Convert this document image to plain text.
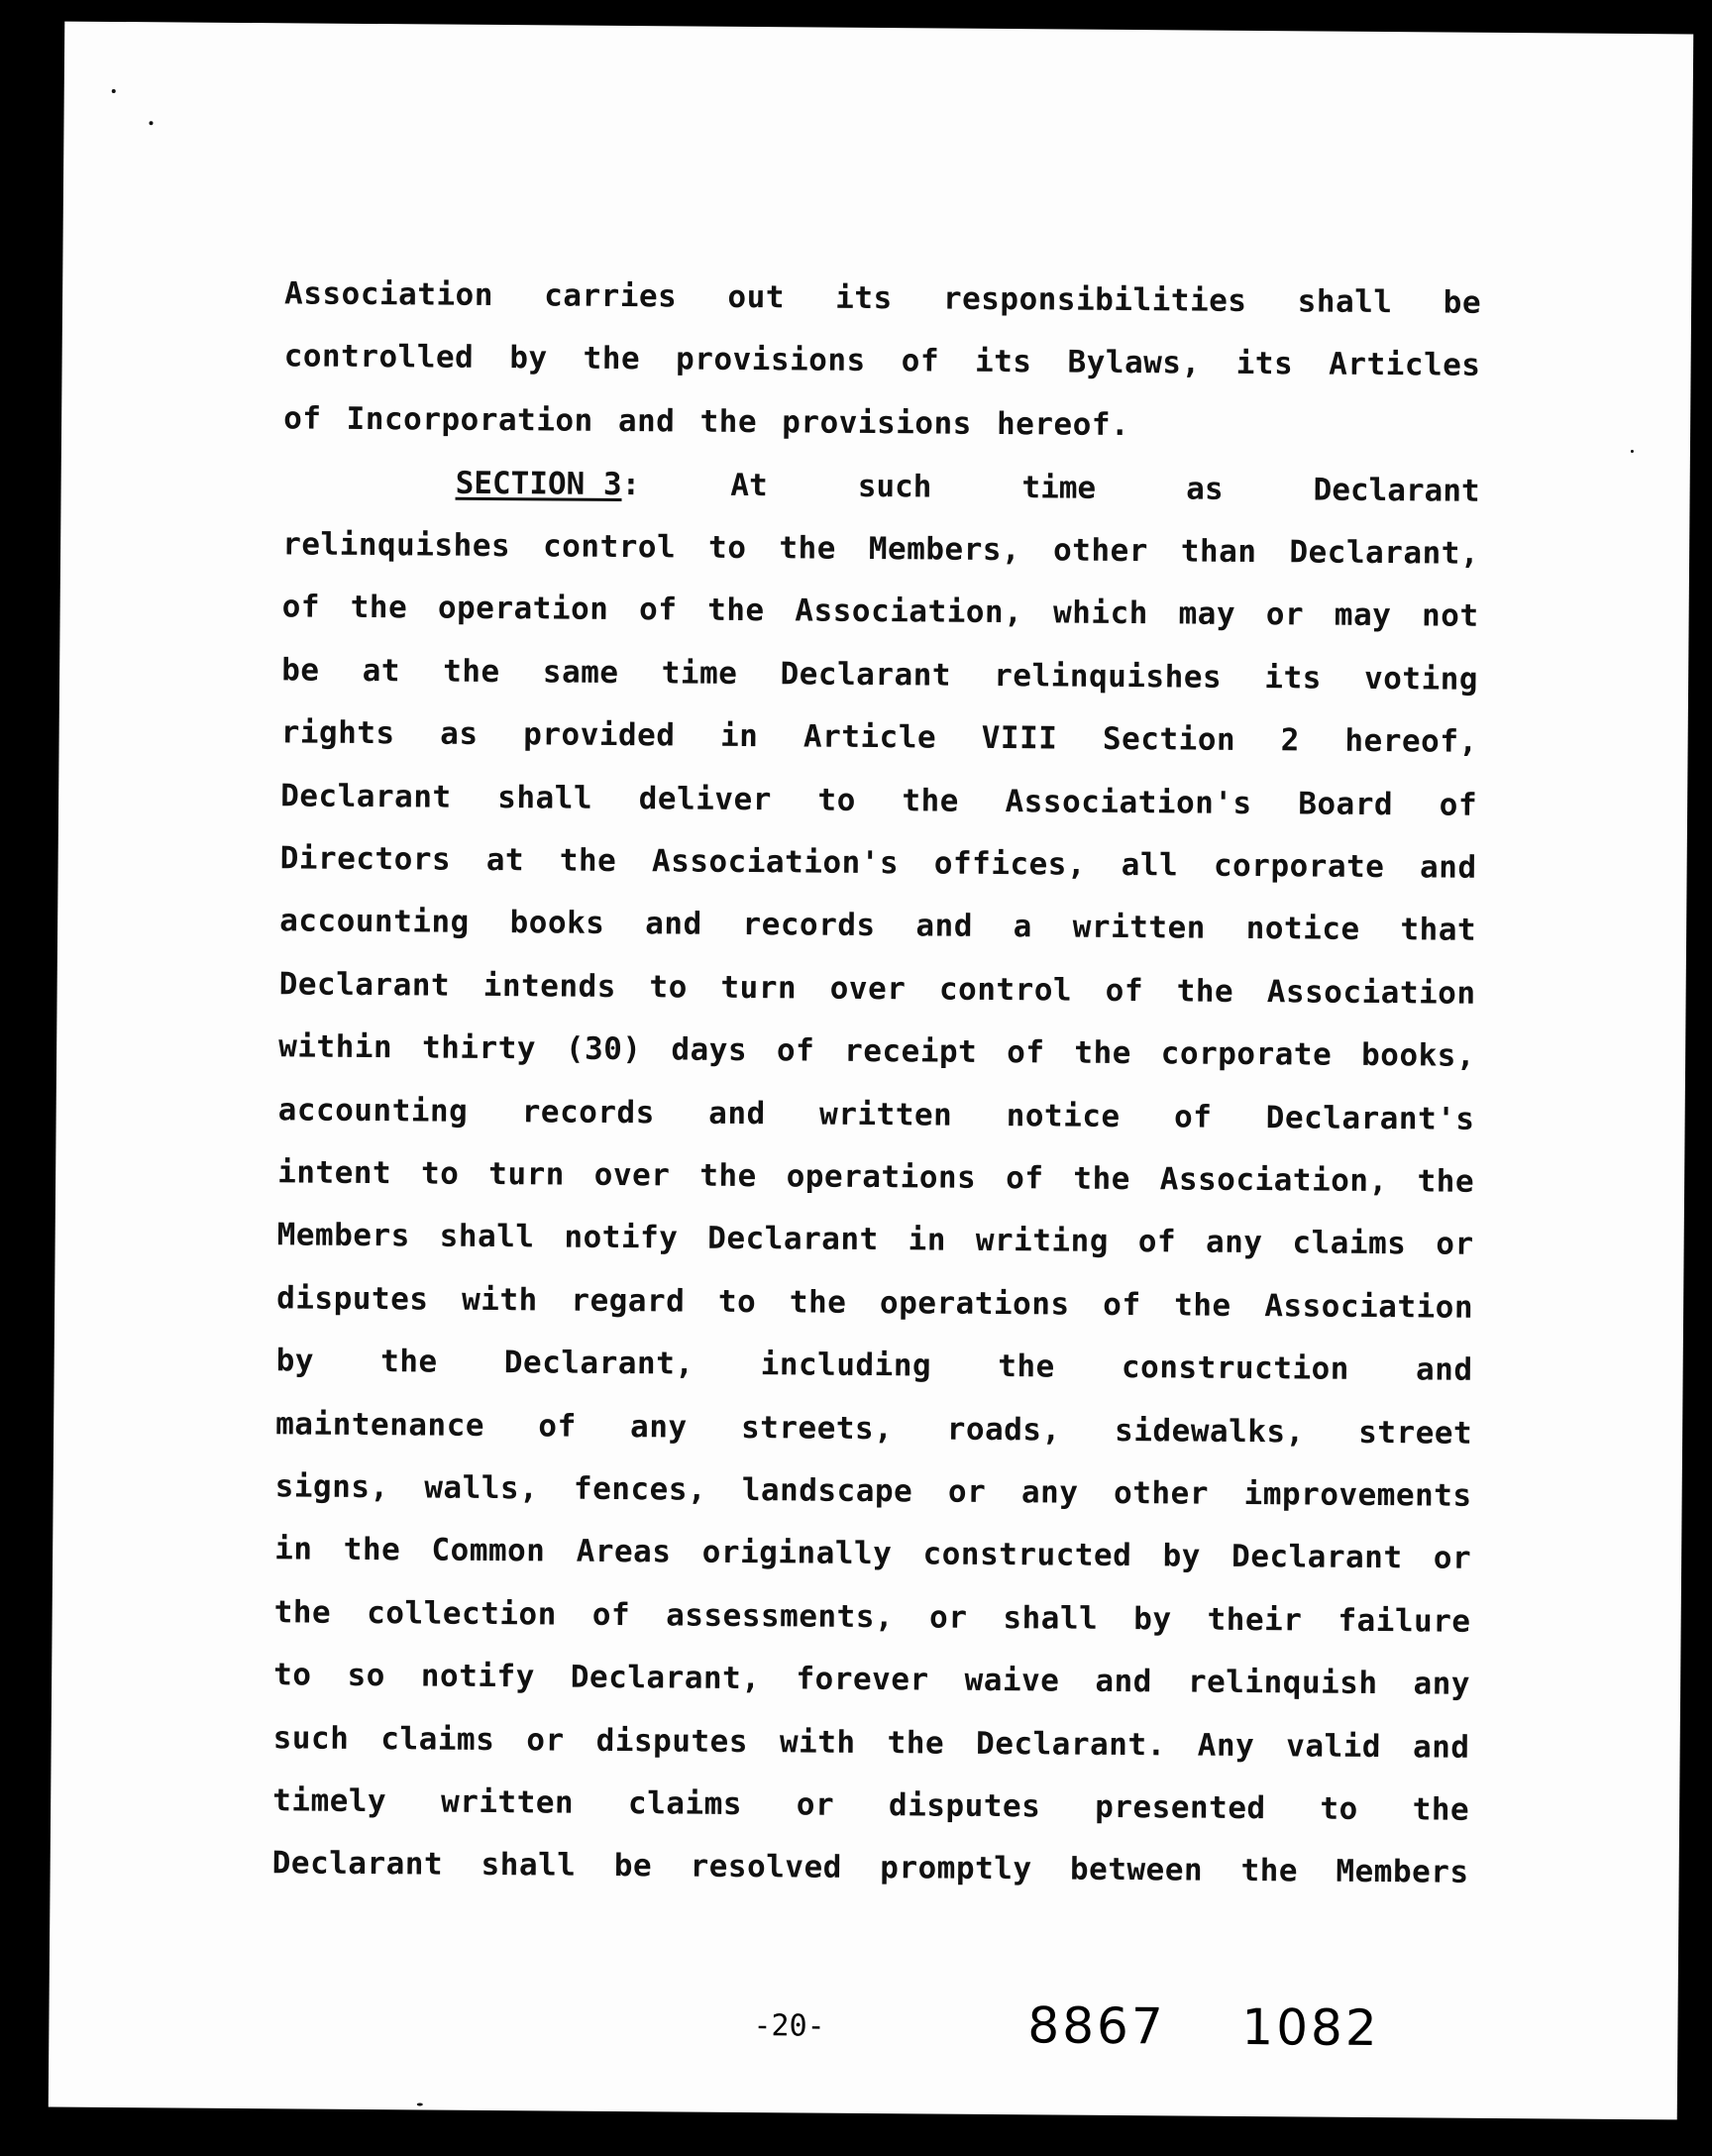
Association carries out its responsibilities shall be
controlled by the provisions of its Bylaws, its Articles
of Incorporation and the provisions hereof.
SECTION 3:	At	such	time	as	Declarant
relinquishes control to the Members, other than Declarant,
of the operation of the Association, which may or may not
be at the same time Declarant relinquishes its voting
rights as provided in Article VIII Section 2 hereof,
Declarant shall deliver to the Association's Board of
Directors at the Association's offices, all corporate and
accounting books and records and a written notice that
Declarant intends to turn over control of the Association
within thirty (30) days of receipt of the corporate books,
accounting records and written notice of Declarant's
intent to turn over the operations of the Association, the
Members shall notify Declarant in writing of any claims or
disputes with regard to the operations of the Association
by the Declarant, including the construction and
maintenance of any streets, roads, sidewalks, street
signs, walls, fences, landscape or any other improvements
in the Common Areas originally constructed by Declarant or
the collection of assessments, or shall by their failure
to so notify Declarant, forever waive and relinquish any
such claims or disputes with the Declarant. Any valid and
timely written claims or disputes presented to the
Declarant shall be resolved promptly between the Members
-20-	8867 1082
